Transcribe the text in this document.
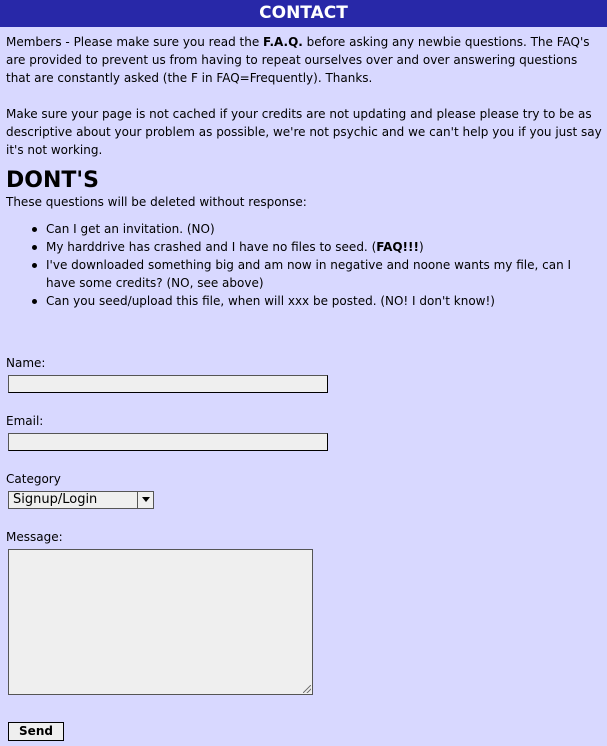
CONTACT

Members - Please make sure you read the F.A.Q. before asking any newbie questions. The FAQ's are provided to prevent us from having to repeat ourselves over and over answering questions that are constantly asked (the F in FAQ=Frequently). Thanks.

Make sure your page is not cached if your credits are not updating and please please try to be as descriptive about your problem as possible, we're not psychic and we can't help you if you just say it's not working.

DONT'S

These questions will be deleted without response:

Can I get an invitation. (NO)
My harddrive has crashed and I have no files to seed. (FAQ!!!)
I've downloaded something big and am now in negative and noone wants my file, can I have some credits? (NO, see above)
Can you seed/upload this file, when will xxx be posted. (NO! I don't know!)
Name:
Email:
Category
Signup/Login
Message:
Send
